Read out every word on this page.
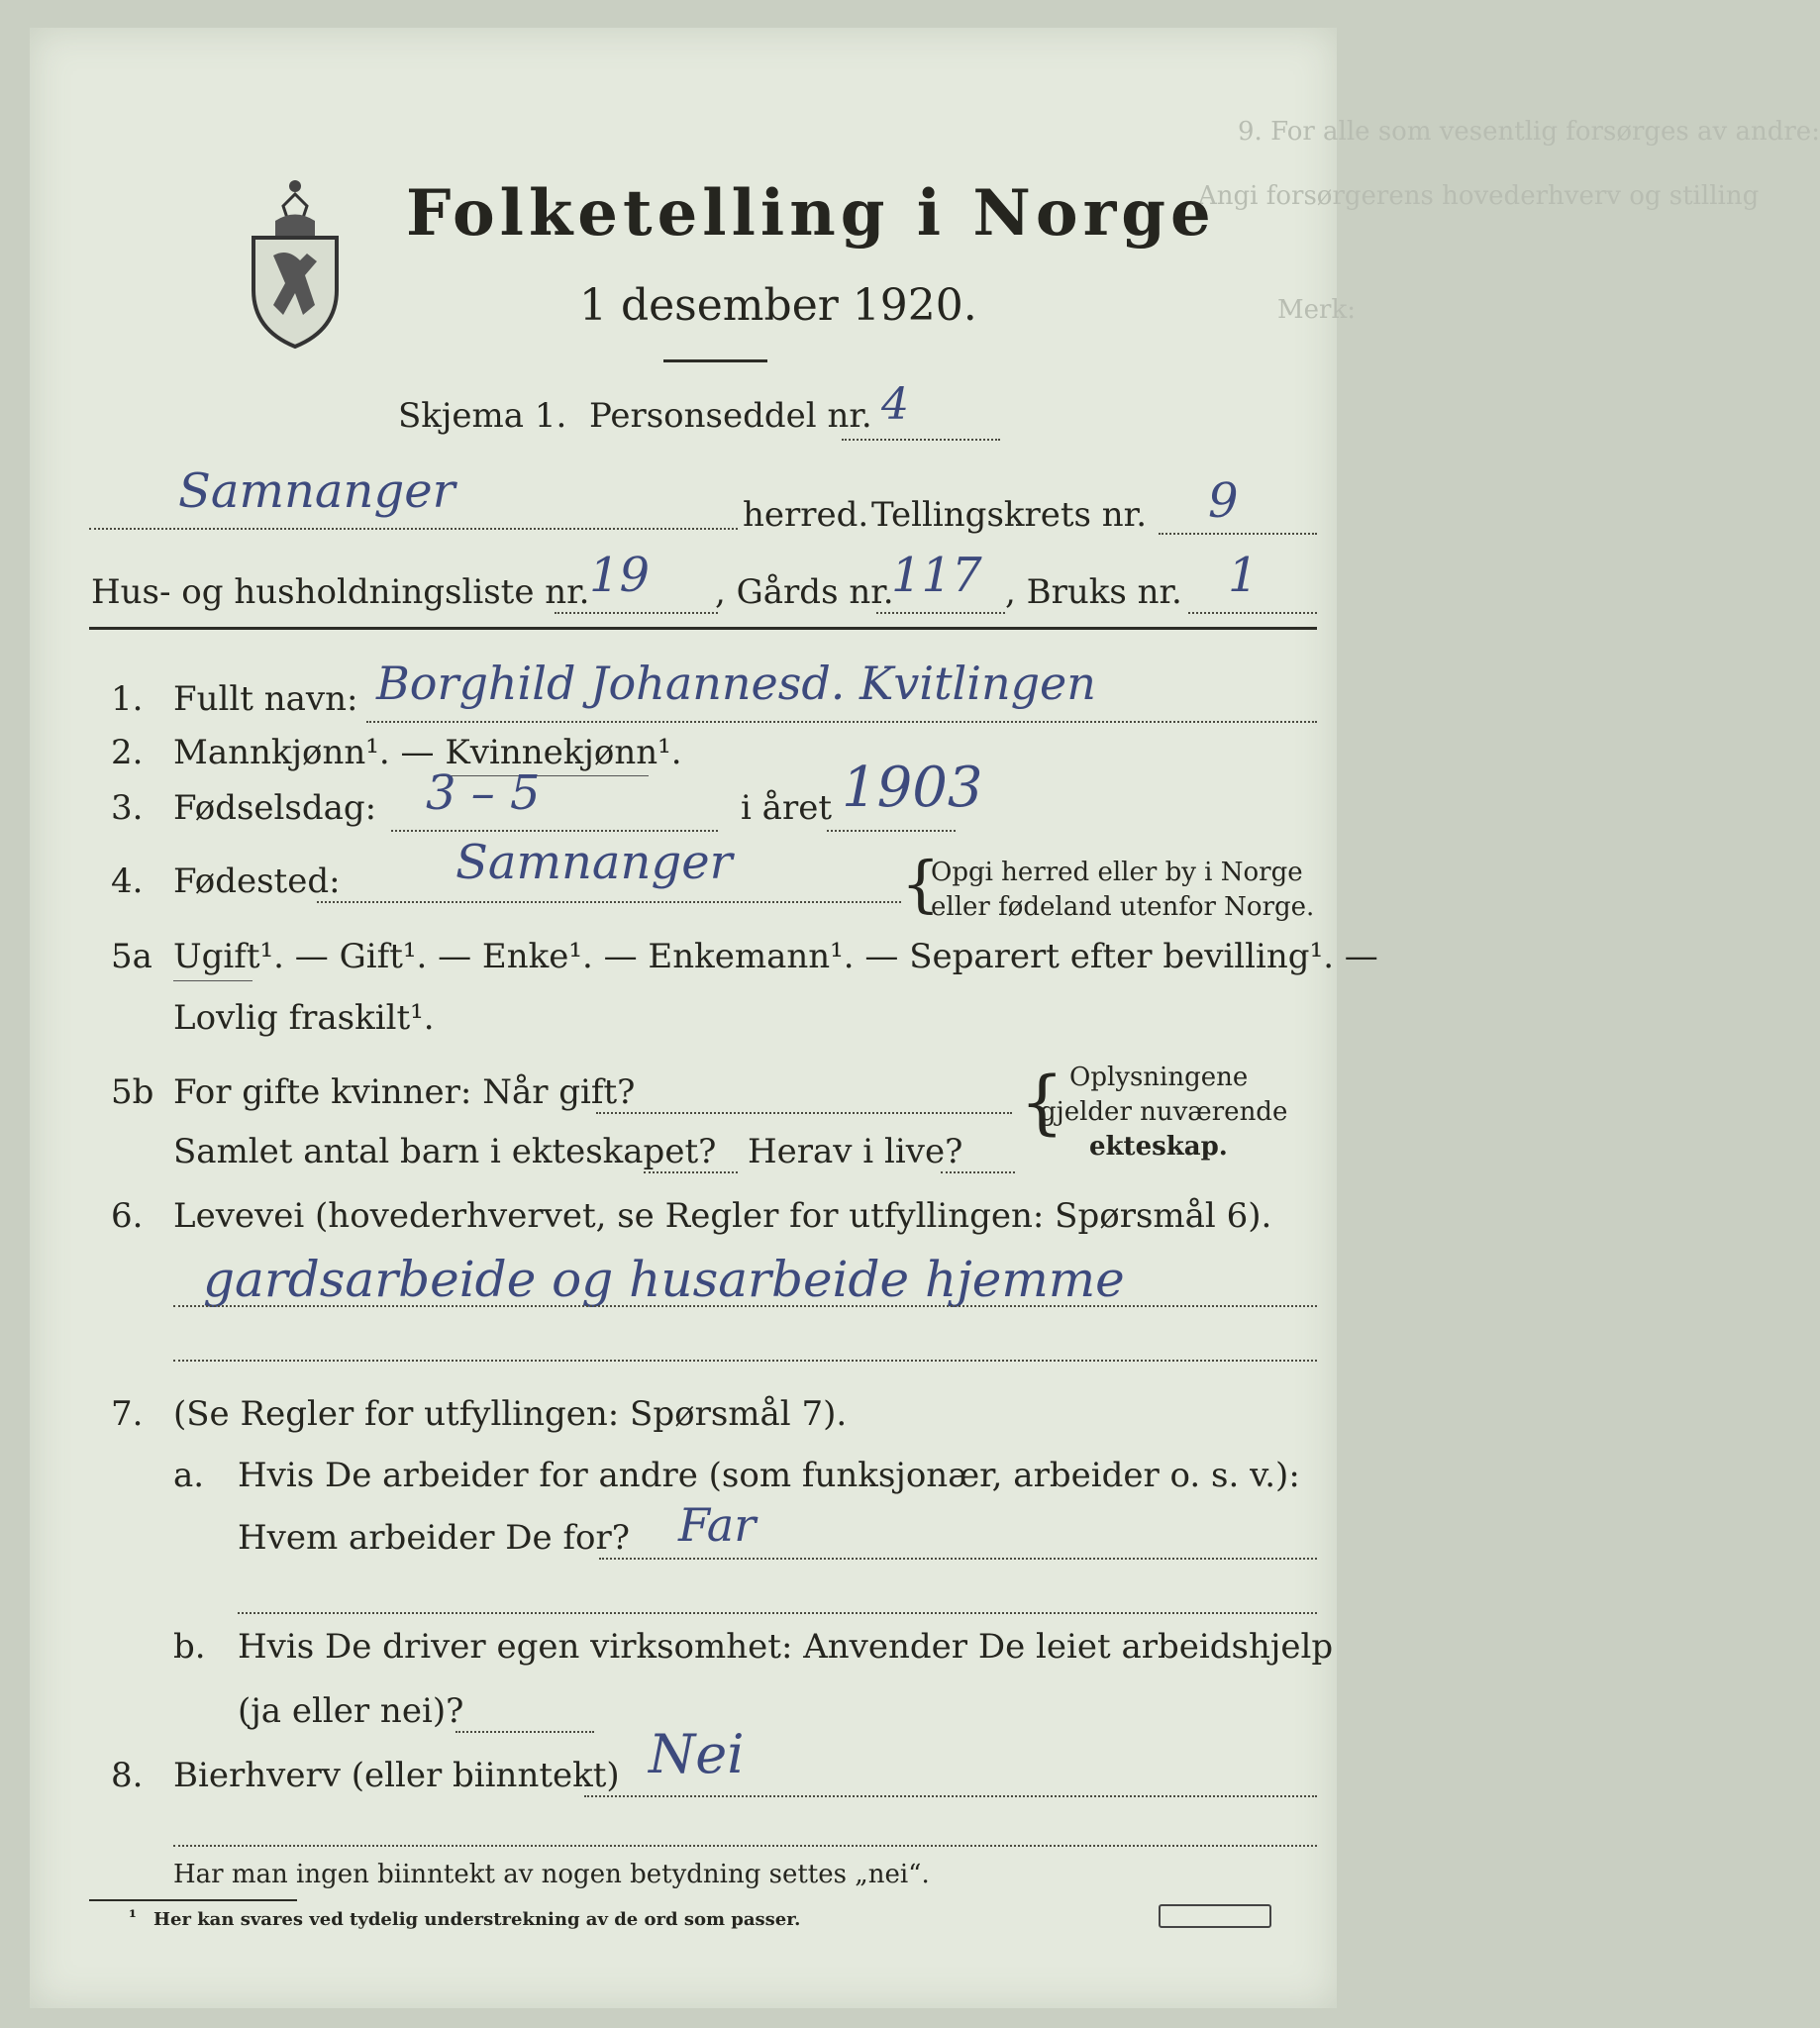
9. For alle som vesentlig forsørges av andre:
Angi forsørgerens hovederhverv og stilling
Merk:
Folketelling i Norge
1 desember 1920.
Skjema 1. Personseddel nr. 4
Samnanger	herred. Tellingskrets nr. 9
Hus- og husholdningsliste nr. 19 , Gårds nr.
117 , Bruks nr. 1
1. Fullt navn: Borghild Johannesd. Kvitlingen
2. Mannkjønn¹. — Kvinnekjønn¹.
3. Fødselsdag: 3 – 5	i året 1903
4. Fødested: Samnanger	{
Opgi herred eller by i Norge
eller fødeland utenfor Norge.
5a Ugift¹. — Gift¹. — Enke¹. — Enkemann¹. — Separert efter bevilling¹. —
Lovlig fraskilt¹.
5b For gifte kvinner: Når gift?
Samlet antal barn i ekteskapet? Herav i live?
{ Oplysningene
gjelder nuværende
ekteskap.
6. Levevei (hovederhvervet, se Regler for utfyllingen: Spørsmål 6).
gardsarbeide og husarbeide hjemme
7. (Se Regler for utfyllingen: Spørsmål 7).
a. Hvis De arbeider for andre (som funksjonær, arbeider o. s. v.):
Hvem arbeider De for? Far
b. Hvis De driver egen virksomhet: Anvender De leiet arbeidshjelp
(ja eller nei)?
8. Bierhverv (eller biinntekt) Nei
Har man ingen biinntekt av nogen betydning settes „nei“.
¹ Her kan svares ved tydelig understrekning av de ord som passer.
